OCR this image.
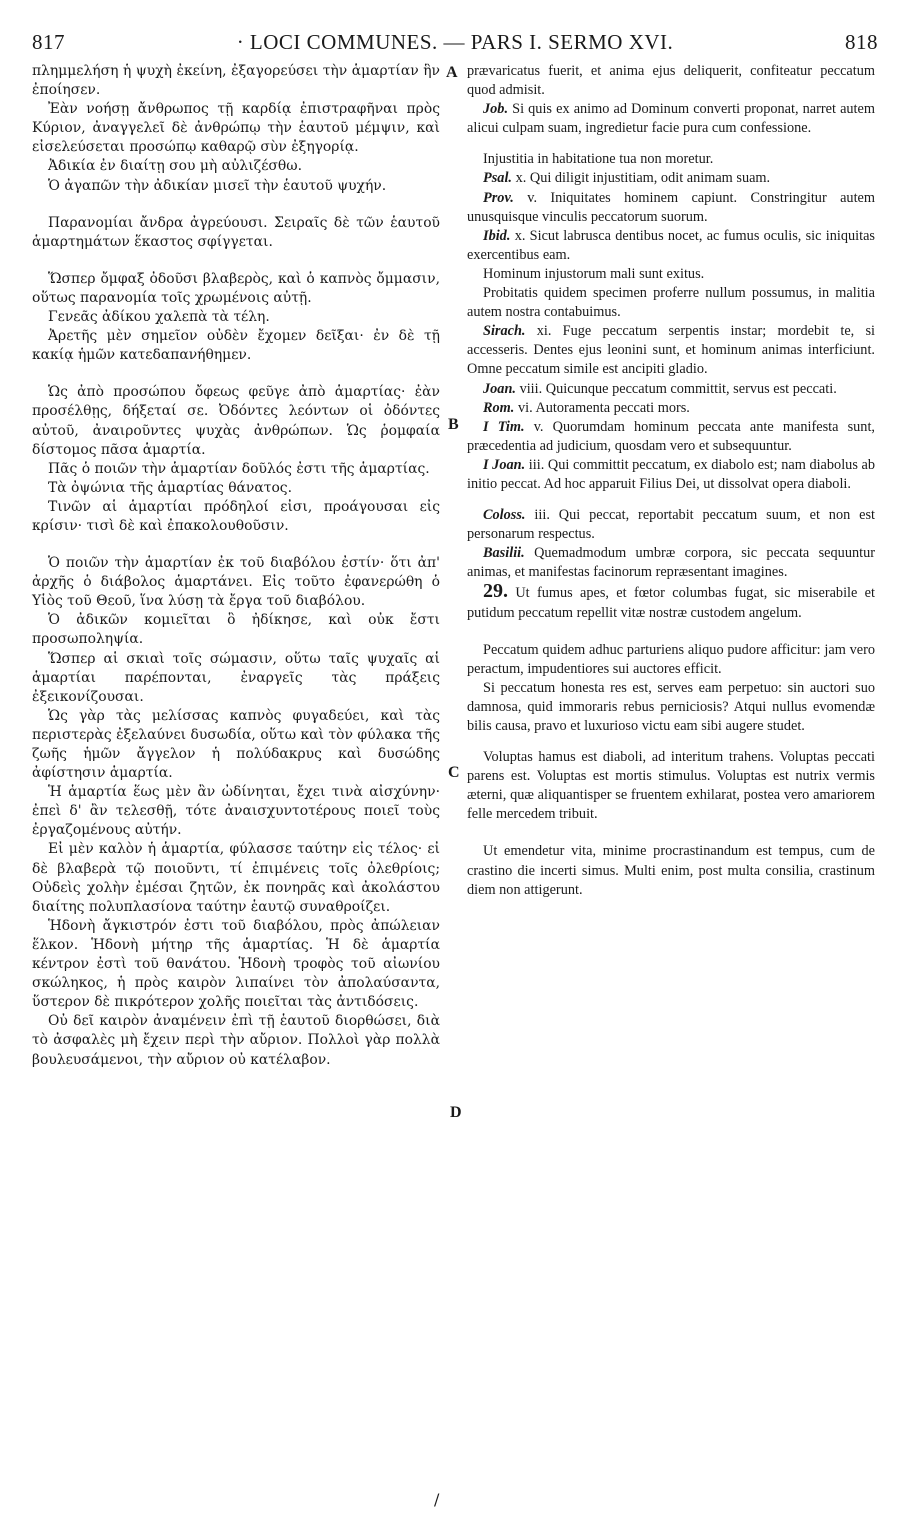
817	· LOCI COMMUNES. — PARS I. SERMO XVI.	818

πλημμελήση ἡ ψυχὴ ἐκείνη, ἐξαγορεύσει τὴν ἁμαρτίαν ἣν ἐποίησεν.

Ἐὰν νοήσῃ ἄνθρωπος τῇ καρδίᾳ ἐπιστραφῆναι πρὸς Κύριον, ἀναγγελεῖ δὲ ἀνθρώπῳ τὴν ἑαυτοῦ μέμψιν, καὶ εἰσελεύσεται προσώπῳ καθαρῷ σὺν ἐξηγορίᾳ.

Ἀδικία ἐν διαίτῃ σου μὴ αὐλιζέσθω.

Ὁ ἀγαπῶν τὴν ἀδικίαν μισεῖ τὴν ἑαυτοῦ ψυχήν.

Παρανομίαι ἄνδρα ἀγρεύουσι. Σειραῖς δὲ τῶν ἑαυτοῦ ἁμαρτημάτων ἕκαστος σφίγγεται.

Ὥσπερ ὄμφαξ ὀδοῦσι βλαβερὸς, καὶ ὁ καπνὸς ὄμμασιν, οὕτως παρανομία τοῖς χρωμένοις αὐτῇ.

Γενεᾶς ἀδίκου χαλεπὰ τὰ τέλη.

Ἀρετῆς μὲν σημεῖον οὐδὲν ἔχομεν δεῖξαι· ἐν δὲ τῇ κακίᾳ ἡμῶν κατεδαπανήθημεν.

Ὡς ἀπὸ προσώπου ὄφεως φεῦγε ἀπὸ ἁμαρτίας· ἐὰν προσέλθῃς, δήξεταί σε. Ὀδόντες λεόντων οἱ ὀδόντες αὐτοῦ, ἀναιροῦντες ψυχὰς ἀνθρώπων. Ὡς ῥομφαία δίστομος πᾶσα ἁμαρτία.

Πᾶς ὁ ποιῶν τὴν ἁμαρτίαν δοῦλός ἐστι τῆς ἁμαρτίας.

Τὰ ὀψώνια τῆς ἁμαρτίας θάνατος.

Τινῶν αἱ ἁμαρτίαι πρόδηλοί εἰσι, προάγουσαι εἰς κρίσιν· τισὶ δὲ καὶ ἐπακολουθοῦσιν.

Ὁ ποιῶν τὴν ἁμαρτίαν ἐκ τοῦ διαβόλου ἐστίν· ὅτι ἀπ' ἀρχῆς ὁ διάβολος ἁμαρτάνει. Εἰς τοῦτο ἐφανερώθη ὁ Υἱὸς τοῦ Θεοῦ, ἵνα λύσῃ τὰ ἔργα τοῦ διαβόλου.

Ὁ ἀδικῶν κομιεῖται ὃ ἠδίκησε, καὶ οὐκ ἔστι προσωποληψία.

Ὥσπερ αἱ σκιαὶ τοῖς σώμασιν, οὕτω ταῖς ψυχαῖς αἱ ἁμαρτίαι παρέπονται, ἐναργεῖς τὰς πράξεις ἐξεικονίζουσαι.

Ὡς γὰρ τὰς μελίσσας καπνὸς φυγαδεύει, καὶ τὰς περιστερὰς ἐξελαύνει δυσωδία, οὕτω καὶ τὸν φύλακα τῆς ζωῆς ἡμῶν ἄγγελον ἡ πολύδακρυς καὶ δυσώδης ἀφίστησιν ἁμαρτία.

Ἡ ἁμαρτία ἕως μὲν ἂν ὠδίνηται, ἔχει τινὰ αἰσχύνην· ἐπεὶ δ' ἂν τελεσθῇ, τότε ἀναισχυντοτέρους ποιεῖ τοὺς ἐργαζομένους αὐτήν.

Εἰ μὲν καλὸν ἡ ἁμαρτία, φύλασσε ταύτην εἰς τέλος· εἰ δὲ βλαβερὰ τῷ ποιοῦντι, τί ἐπιμένεις τοῖς ὀλεθρίοις; Οὐδεὶς χολὴν ἐμέσαι ζητῶν, ἐκ πονηρᾶς καὶ ἀκολάστου διαίτης πολυπλασίονα ταύτην ἑαυτῷ συναθροίζει.

Ἡδονὴ ἄγκιστρόν ἐστι τοῦ διαβόλου, πρὸς ἀπώλειαν ἕλκον. Ἡδονὴ μήτηρ τῆς ἁμαρτίας. Ἡ δὲ ἁμαρτία κέντρον ἐστὶ τοῦ θανάτου. Ἡδονὴ τροφὸς τοῦ αἰωνίου σκώληκος, ἡ πρὸς καιρὸν λιπαίνει τὸν ἀπολαύσαντα, ὕστερον δὲ πικρότερον χολῆς ποιεῖται τὰς ἀντιδόσεις.

Οὐ δεῖ καιρὸν ἀναμένειν ἐπὶ τῇ ἑαυτοῦ διορθώσει, διὰ τὸ ἀσφαλὲς μὴ ἔχειν περὶ τὴν αὔριον. Πολλοὶ γὰρ πολλὰ βουλευσάμενοι, τὴν αὔριον οὐ κατέλαβον.

A
B
C
D

prævaricatus fuerit, et anima ejus deliquerit, confiteatur peccatum quod admisit.

Job. Si quis ex animo ad Dominum converti proponat, narret autem alicui culpam suam, ingredietur facie pura cum confessione.

Injustitia in habitatione tua non moretur.

Psal. x. Qui diligit injustitiam, odit animam suam.

Prov. v. Iniquitates hominem capiunt. Constringitur autem unusquisque vinculis peccatorum suorum.

Ibid. x. Sicut labrusca dentibus nocet, ac fumus oculis, sic iniquitas exercentibus eam.

Hominum injustorum mali sunt exitus.

Probitatis quidem specimen proferre nullum possumus, in malitia autem nostra contabuimus.

Sirach. xi. Fuge peccatum serpentis instar; mordebit te, si accesseris. Dentes ejus leonini sunt, et hominum animas interficiunt. Omne peccatum simile est ancipiti gladio.

Joan. viii. Quicunque peccatum committit, servus est peccati.

Rom. vi. Autoramenta peccati mors.

I Tim. v. Quorumdam hominum peccata ante manifesta sunt, præcedentia ad judicium, quosdam vero et subsequuntur.

I Joan. iii. Qui committit peccatum, ex diabolo est; nam diabolus ab initio peccat. Ad hoc apparuit Filius Dei, ut dissolvat opera diaboli.

Coloss. iii. Qui peccat, reportabit peccatum suum, et non est personarum respectus.

Basilii. Quemadmodum umbræ corpora, sic peccata sequuntur animas, et manifestas facinorum repræsentant imagines.

29. Ut fumus apes, et fœtor columbas fugat, sic miserabile et putidum peccatum repellit vitæ nostræ custodem angelum.

Peccatum quidem adhuc parturiens aliquo pudore afficitur: jam vero peractum, impudentiores sui auctores efficit.

Si peccatum honesta res est, serves eam perpetuo: sin auctori suo damnosa, quid immoraris rebus perniciosis? Atqui nullus evomendæ bilis causa, pravo et luxurioso victu eam sibi augere studet.

Voluptas hamus est diaboli, ad interitum trahens. Voluptas peccati parens est. Voluptas est mortis stimulus. Voluptas est nutrix vermis æterni, quæ aliquantisper se fruentem exhilarat, postea vero amariorem felle mercedem tribuit.

Ut emendetur vita, minime procrastinandum est tempus, cum de crastino die incerti simus. Multi enim, post multa consilia, crastinum diem non attigerunt.

/
